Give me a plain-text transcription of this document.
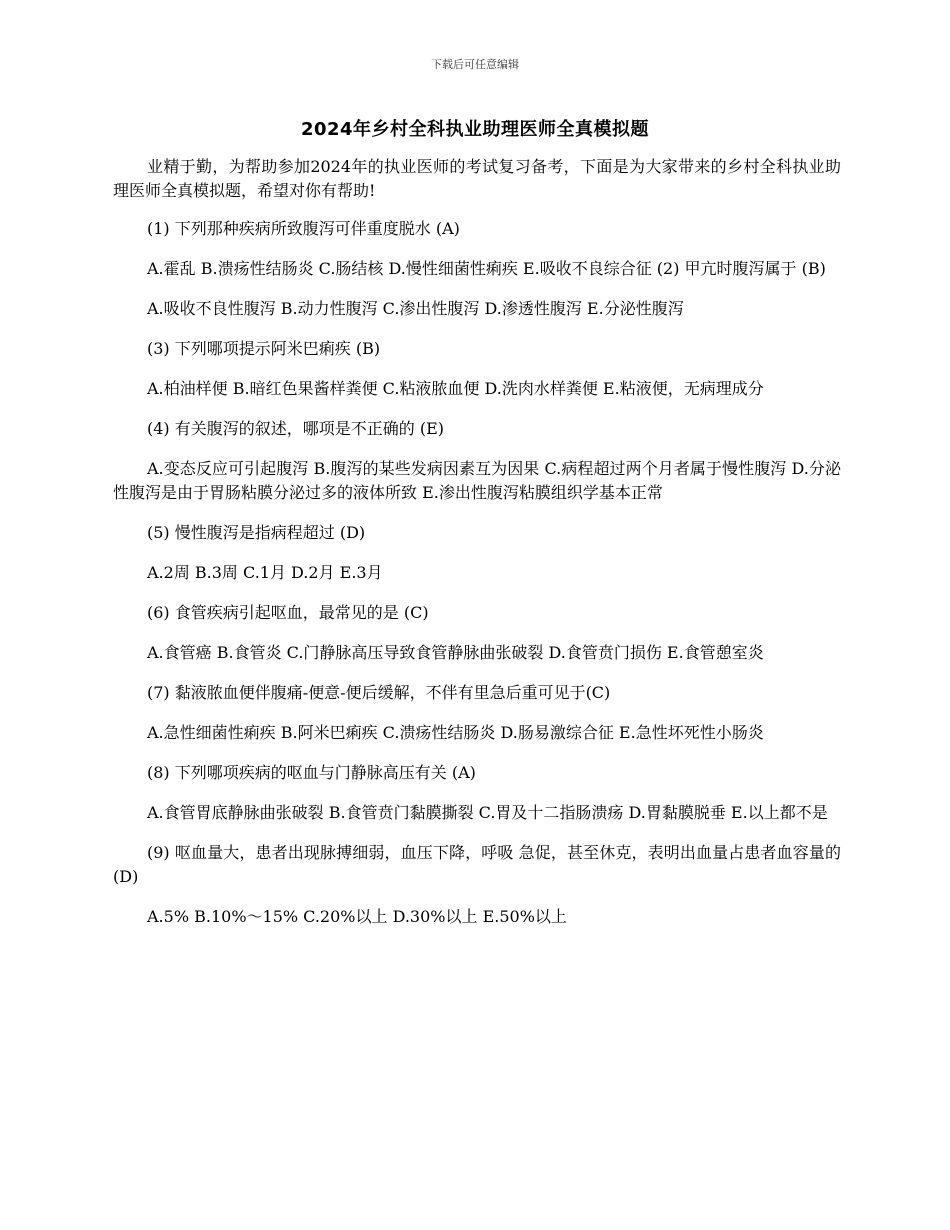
下载后可任意编辑
2024年乡村全科执业助理医师全真模拟题

业精于勤，为帮助参加2024年的执业医师的考试复习备考，下面是为大家带来的乡村全科执业助理医师全真模拟题，希望对你有帮助!

(1) 下列那种疾病所致腹泻可伴重度脱水 (A)

A.霍乱 B.溃疡性结肠炎 C.肠结核 D.慢性细菌性痢疾 E.吸收不良综合征 (2) 甲亢时腹泻属于 (B)

A.吸收不良性腹泻 B.动力性腹泻 C.渗出性腹泻 D.渗透性腹泻 E.分泌性腹泻

(3) 下列哪项提示阿米巴痢疾 (B)

A.柏油样便 B.暗红色果酱样粪便 C.粘液脓血便 D.洗肉水样粪便 E.粘液便，无病理成分

(4) 有关腹泻的叙述，哪项是不正确的 (E)

A.变态反应可引起腹泻 B.腹泻的某些发病因素互为因果 C.病程超过两个月者属于慢性腹泻 D.分泌性腹泻是由于胃肠粘膜分泌过多的液体所致 E.渗出性腹泻粘膜组织学基本正常

(5) 慢性腹泻是指病程超过 (D)

A.2周 B.3周 C.1月 D.2月 E.3月

(6) 食管疾病引起呕血，最常见的是 (C)

A.食管癌 B.食管炎 C.门静脉高压导致食管静脉曲张破裂 D.食管贲门损伤 E.食管憩室炎

(7) 黏液脓血便伴腹痛-便意-便后缓解，不伴有里急后重可见于(C)

A.急性细菌性痢疾 B.阿米巴痢疾 C.溃疡性结肠炎 D.肠易激综合征 E.急性坏死性小肠炎

(8) 下列哪项疾病的呕血与门静脉高压有关 (A)

A.食管胃底静脉曲张破裂 B.食管贲门黏膜撕裂 C.胃及十二指肠溃疡 D.胃黏膜脱垂 E.以上都不是

(9) 呕血量大，患者出现脉搏细弱，血压下降，呼吸 急促，甚至休克，表明出血量占患者血容量的 (D)

A.5% B.10%～15% C.20%以上 D.30%以上 E.50%以上
